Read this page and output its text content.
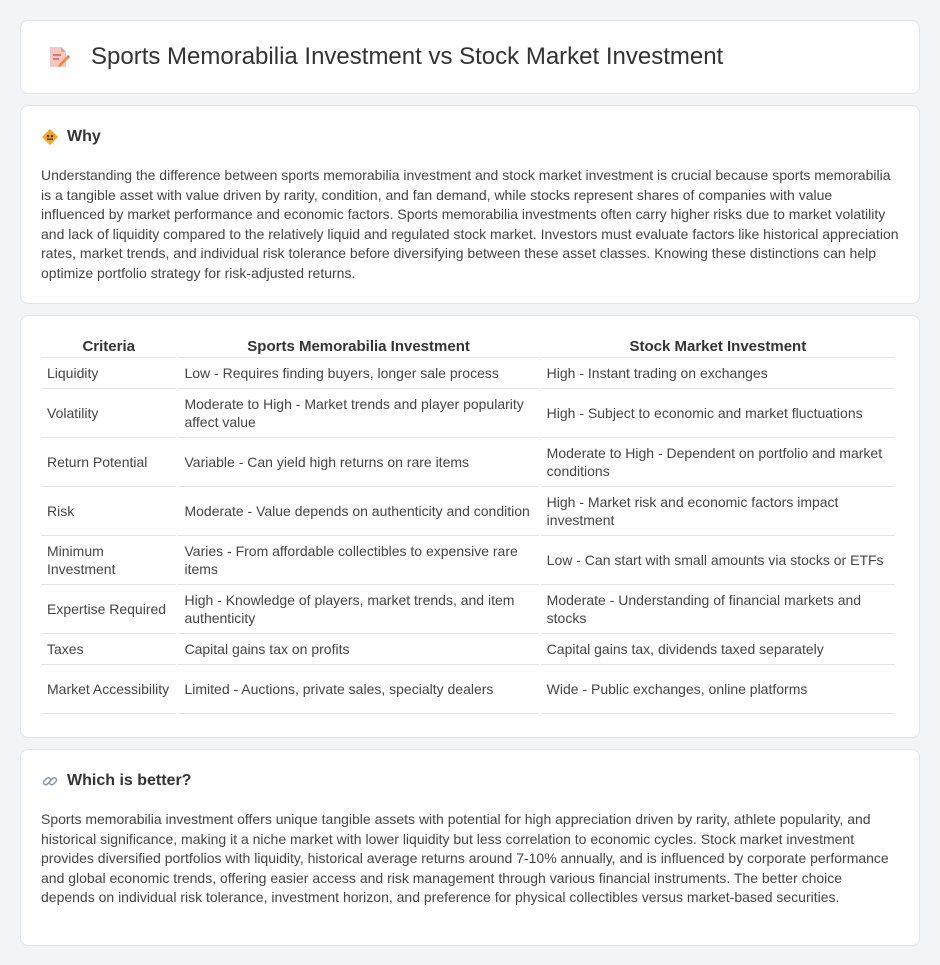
Sports Memorabilia Investment vs Stock Market Investment
Why

Understanding the difference between sports memorabilia investment and stock market investment is crucial because sports memorabilia is a tangible asset with value driven by rarity, condition, and fan demand, while stocks represent shares of companies with value influenced by market performance and economic factors. Sports memorabilia investments often carry higher risks due to market volatility and lack of liquidity compared to the relatively liquid and regulated stock market. Investors must evaluate factors like historical appreciation rates, market trends, and individual risk tolerance before diversifying between these asset classes. Knowing these distinctions can help optimize portfolio strategy for risk-adjusted returns.

Criteria	Sports Memorabilia Investment	Stock Market Investment
Liquidity	Low - Requires finding buyers, longer sale process	High - Instant trading on exchanges
Volatility	Moderate to High - Market trends and player popularity affect value	High - Subject to economic and market fluctuations
Return Potential	Variable - Can yield high returns on rare items	Moderate to High - Dependent on portfolio and market conditions
Risk	Moderate - Value depends on authenticity and condition	High - Market risk and economic factors impact investment
Minimum Investment	Varies - From affordable collectibles to expensive rare items	Low - Can start with small amounts via stocks or ETFs
Expertise Required	High - Knowledge of players, market trends, and item authenticity	Moderate - Understanding of financial markets and stocks
Taxes	Capital gains tax on profits	Capital gains tax, dividends taxed separately
Market Accessibility	Limited - Auctions, private sales, specialty dealers	Wide - Public exchanges, online platforms
Which is better?

Sports memorabilia investment offers unique tangible assets with potential for high appreciation driven by rarity, athlete popularity, and historical significance, making it a niche market with lower liquidity but less correlation to economic cycles. Stock market investment provides diversified portfolios with liquidity, historical average returns around 7-10% annually, and is influenced by corporate performance and global economic trends, offering easier access and risk management through various financial instruments. The better choice depends on individual risk tolerance, investment horizon, and preference for physical collectibles versus market-based securities.
